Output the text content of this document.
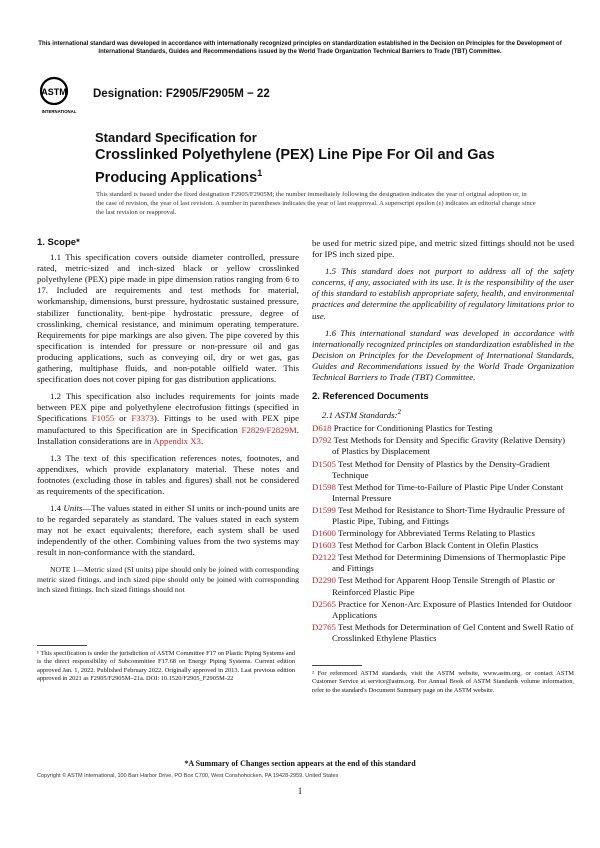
This international standard was developed in accordance with internationally recognized principles on standardization established in the Decision on Principles for the Development of International Standards, Guides and Recommendations issued by the World Trade Organization Technical Barriers to Trade (TBT) Committee.
ASTM
INTERNATIONAL
Designation: F2905/F2905M − 22
Standard Specification for
Crosslinked Polyethylene (PEX) Line Pipe For Oil and Gas Producing Applications$^1$
This standard is issued under the fixed designation F2905/F2905M; the number immediately following the designation indicates the year of original adoption or, in the case of revision, the year of last revision. A number in parentheses indicates the year of last reapproval. A superscript epsilon (ε) indicates an editorial change since the last revision or reapproval.
1. Scope*

1.1 This specification covers outside diameter controlled, pressure rated, metric-sized and inch-sized black or yellow crosslinked polyethylene (PEX) pipe made in pipe dimension ratios ranging from 6 to 17. Included are requirements and test methods for material, workmanship, dimensions, burst pressure, hydrostatic sustained pressure, stabilizer functionality, bent-pipe hydrostatic pressure, degree of crosslinking, chemical resistance, and minimum operating temperature. Requirements for pipe markings are also given. The pipe covered by this specification is intended for pressure or non-pressure oil and gas producing applications, such as conveying oil, dry or wet gas, gas gathering, multiphase fluids, and non-potable oilfield water. This specification does not cover piping for gas distribution applications.

1.2 This specification also includes requirements for joints made between PEX pipe and polyethylene electrofusion fittings (specified in Specifications F1055 or F3373). Fittings to be used with PEX pipe manufactured to this Specification are in Specification F2829/F2829M. Installation considerations are in Appendix X3.

1.3 The text of this specification references notes, footnotes, and appendixes, which provide explanatory material. These notes and footnotes (excluding those in tables and figures) shall not be considered as requirements of the specification.

1.4 Units—The values stated in either SI units or inch-pound units are to be regarded separately as standard. The values stated in each system may not be exact equivalents; therefore, each system shall be used independently of the other. Combining values from the two systems may result in non-conformance with the standard.

NOTE 1—Metric sized (SI units) pipe should only be joined with corresponding metric sized fittings, and inch sized pipe should only be joined with corresponding inch sized fittings. Inch sized fittings should not

be used for metric sized pipe, and metric sized fittings should not be used for IPS inch sized pipe.

1.5 This standard does not purport to address all of the safety concerns, if any, associated with its use. It is the responsibility of the user of this standard to establish appropriate safety, health, and environmental practices and determine the applicability of regulatory limitations prior to use.

1.6 This international standard was developed in accordance with internationally recognized principles on standardization established in the Decision on Principles for the Development of International Standards, Guides and Recommendations issued by the World Trade Organization Technical Barriers to Trade (TBT) Committee.

2. Referenced Documents
2.1 ASTM Standards:$^2$
D618 Practice for Conditioning Plastics for Testing
D792 Test Methods for Density and Specific Gravity (Relative Density) of Plastics by Displacement
D1505 Test Method for Density of Plastics by the Density-Gradient Technique
D1598 Test Method for Time-to-Failure of Plastic Pipe Under Constant Internal Pressure
D1599 Test Method for Resistance to Short-Time Hydraulic Pressure of Plastic Pipe, Tubing, and Fittings
D1600 Terminology for Abbreviated Terms Relating to Plastics
D1603 Test Method for Carbon Black Content in Olefin Plastics
D2122 Test Method for Determining Dimensions of Thermoplastic Pipe and Fittings
D2290 Test Method for Apparent Hoop Tensile Strength of Plastic or Reinforced Plastic Pipe
D2565 Practice for Xenon-Arc Exposure of Plastics Intended for Outdoor Applications
D2765 Test Methods for Determination of Gel Content and Swell Ratio of Crosslinked Ethylene Plastics
¹ This specification is under the jurisdiction of ASTM Committee F17 on Plastic Piping Systems and is the direct responsibility of Subcommittee F17.68 on Energy Piping Systems. Current edition approved Jan. 1, 2022. Published February 2022. Originally approved in 2013. Last previous edition approved in 2021 as F2905/F2905M–21a. DOI: 10.1520/F2905_F2905M-22
² For referenced ASTM standards, visit the ASTM website, www.astm.org, or contact ASTM Customer Service at service@astm.org. For Annual Book of ASTM Standards volume information, refer to the standard's Document Summary page on the ASTM website.
*A Summary of Changes section appears at the end of this standard
Copyright © ASTM International, 100 Barr Harbor Drive, PO Box C700, West Conshohocken, PA 19428-2959. United States
1
